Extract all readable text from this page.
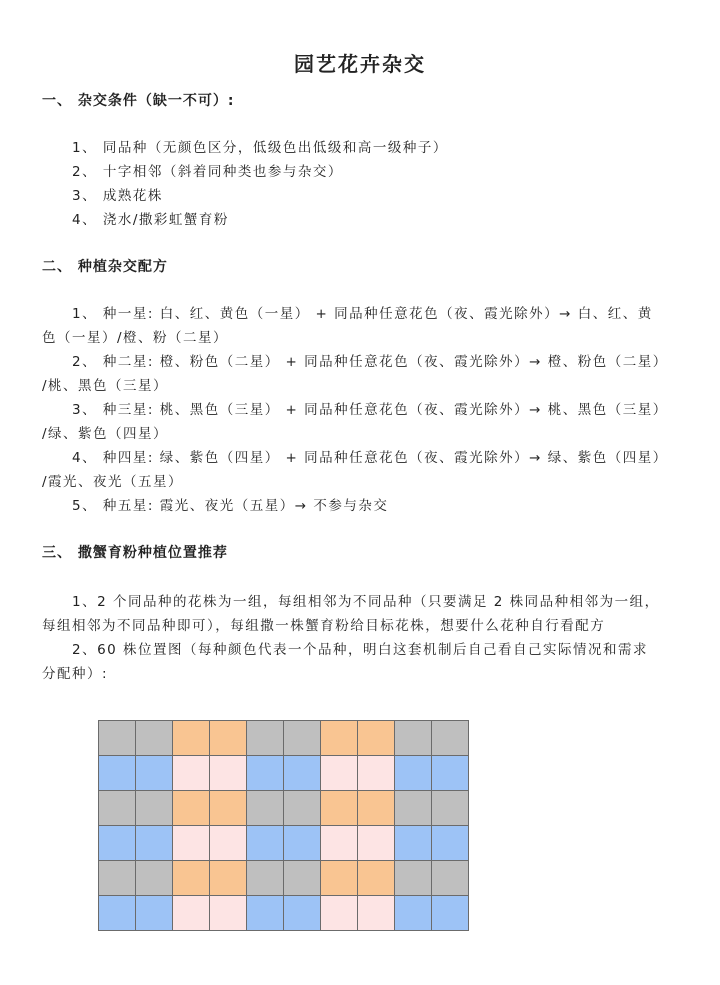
园艺花卉杂交
一、 杂交条件（缺一不可）:
1、 同品种（无颜色区分，低级色出低级和高一级种子）
2、 十字相邻（斜着同种类也参与杂交）
3、 成熟花株
4、 浇水/撒彩虹蟹育粉
二、 种植杂交配方
1、 种一星: 白、红、黄色（一星） + 同品种任意花色（夜、霞光除外）→ 白、红、黄
色（一星）/橙、粉（二星）
2、 种二星: 橙、粉色（二星） + 同品种任意花色（夜、霞光除外）→ 橙、粉色（二星）
/桃、黑色（三星）
3、 种三星: 桃、黑色（三星） + 同品种任意花色（夜、霞光除外）→ 桃、黑色（三星）
/绿、紫色（四星）
4、 种四星: 绿、紫色（四星） + 同品种任意花色（夜、霞光除外）→ 绿、紫色（四星）
/霞光、夜光（五星）
5、 种五星: 霞光、夜光（五星）→ 不参与杂交
三、 撒蟹育粉种植位置推荐
1、2 个同品种的花株为一组，每组相邻为不同品种（只要满足 2 株同品种相邻为一组，
每组相邻为不同品种即可），每组撒一株蟹育粉给目标花株，想要什么花种自行看配方
2、60 株位置图（每种颜色代表一个品种，明白这套机制后自己看自己实际情况和需求
分配种）:
